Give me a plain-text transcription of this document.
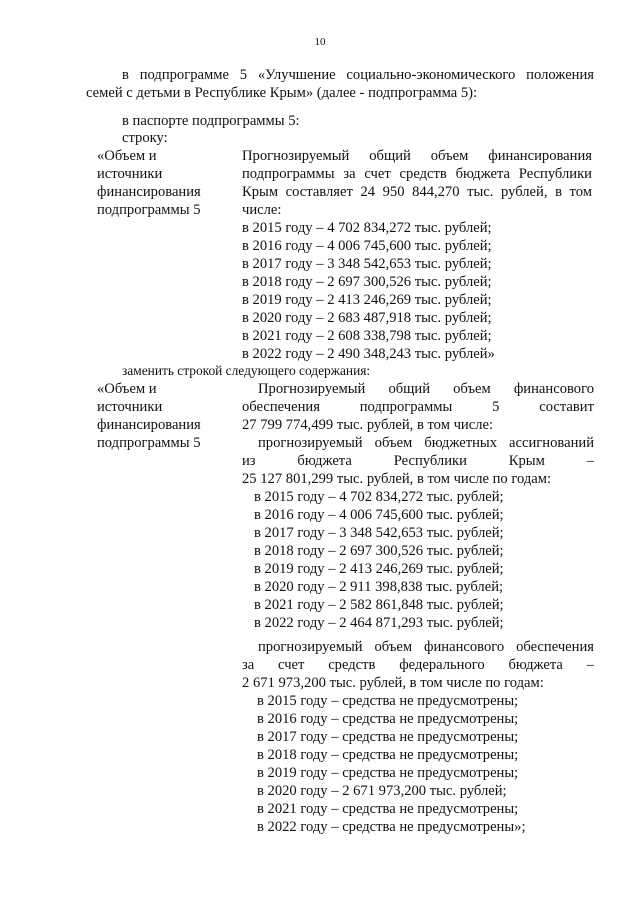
10
в подпрограмме 5 «Улучшение социально-экономического положения
семей с детьми в Республике Крым» (далее - подпрограмма 5):
в паспорте подпрограммы 5:
строку:
«Объем и
источники
финансирования
подпрограммы 5
Прогнозируемый общий объем финансирования
подпрограммы за счет средств бюджета Республики
Крым составляет 24 950 844,270 тыс. рублей, в том
числе:
в 2015 году – 4 702 834,272 тыс. рублей;
в 2016 году – 4 006 745,600 тыс. рублей;
в 2017 году – 3 348 542,653 тыс. рублей;
в 2018 году – 2 697 300,526 тыс. рублей;
в 2019 году – 2 413 246,269 тыс. рублей;
в 2020 году – 2 683 487,918 тыс. рублей;
в 2021 году – 2 608 338,798 тыс. рублей;
в 2022 году – 2 490 348,243 тыс. рублей»
заменить строкой следующего содержания:
«Объем и
источники
финансирования
подпрограммы 5
Прогнозируемый общий объем финансового
обеспечения подпрограммы 5 составит
27 799 774,499 тыс. рублей, в том числе:
прогнозируемый объем бюджетных ассигнований
из бюджета Республики Крым –
25 127 801,299 тыс. рублей, в том числе по годам:
в 2015 году – 4 702 834,272 тыс. рублей;
в 2016 году – 4 006 745,600 тыс. рублей;
в 2017 году – 3 348 542,653 тыс. рублей;
в 2018 году – 2 697 300,526 тыс. рублей;
в 2019 году – 2 413 246,269 тыс. рублей;
в 2020 году – 2 911 398,838 тыс. рублей;
в 2021 году – 2 582 861,848 тыс. рублей;
в 2022 году – 2 464 871,293 тыс. рублей;
прогнозируемый объем финансового обеспечения
за счет средств федерального бюджета –
2 671 973,200 тыс. рублей, в том числе по годам:
в 2015 году – средства не предусмотрены;
в 2016 году – средства не предусмотрены;
в 2017 году – средства не предусмотрены;
в 2018 году – средства не предусмотрены;
в 2019 году – средства не предусмотрены;
в 2020 году – 2 671 973,200 тыс. рублей;
в 2021 году – средства не предусмотрены;
в 2022 году – средства не предусмотрены»;
